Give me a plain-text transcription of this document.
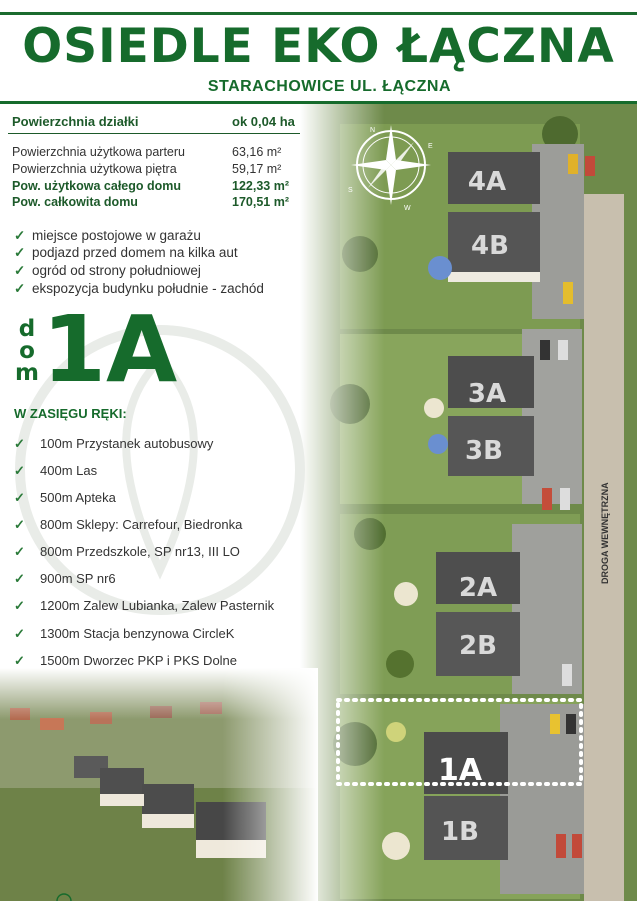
OSIEDLE EKO ŁĄCZNA
STARACHOWICE UL. ŁĄCZNA
N
E
S
W
Powierzchnia działki	ok 0,04 ha
Powierzchnia użytkowa parteru	63,16 m²
Powierzchnia użytkowa piętra	59,17 m²
Pow. użytkowa całego domu	122,33 m²
Pow. całkowita domu	170,51 m²
✓ miejsce postojowe w garażu
✓ podjazd przed domem na kilka aut
✓ ogród od strony południowej
✓ ekspozycja budynku południe - zachód
d
o
m 1A
W ZASIĘGU RĘKI:
✓ 100m Przystanek autobusowy
✓ 400m Las
✓ 500m Apteka
✓ 800m Sklepy: Carrefour, Biedronka
✓ 800m Przedszkole, SP nr13, III LO
✓ 900m SP nr6
✓ 1200m Zalew Lubianka, Zalew Pasternik
✓ 1300m Stacja benzynowa CircleK
✓ 1500m Dworzec PKP i PKS Dolne
